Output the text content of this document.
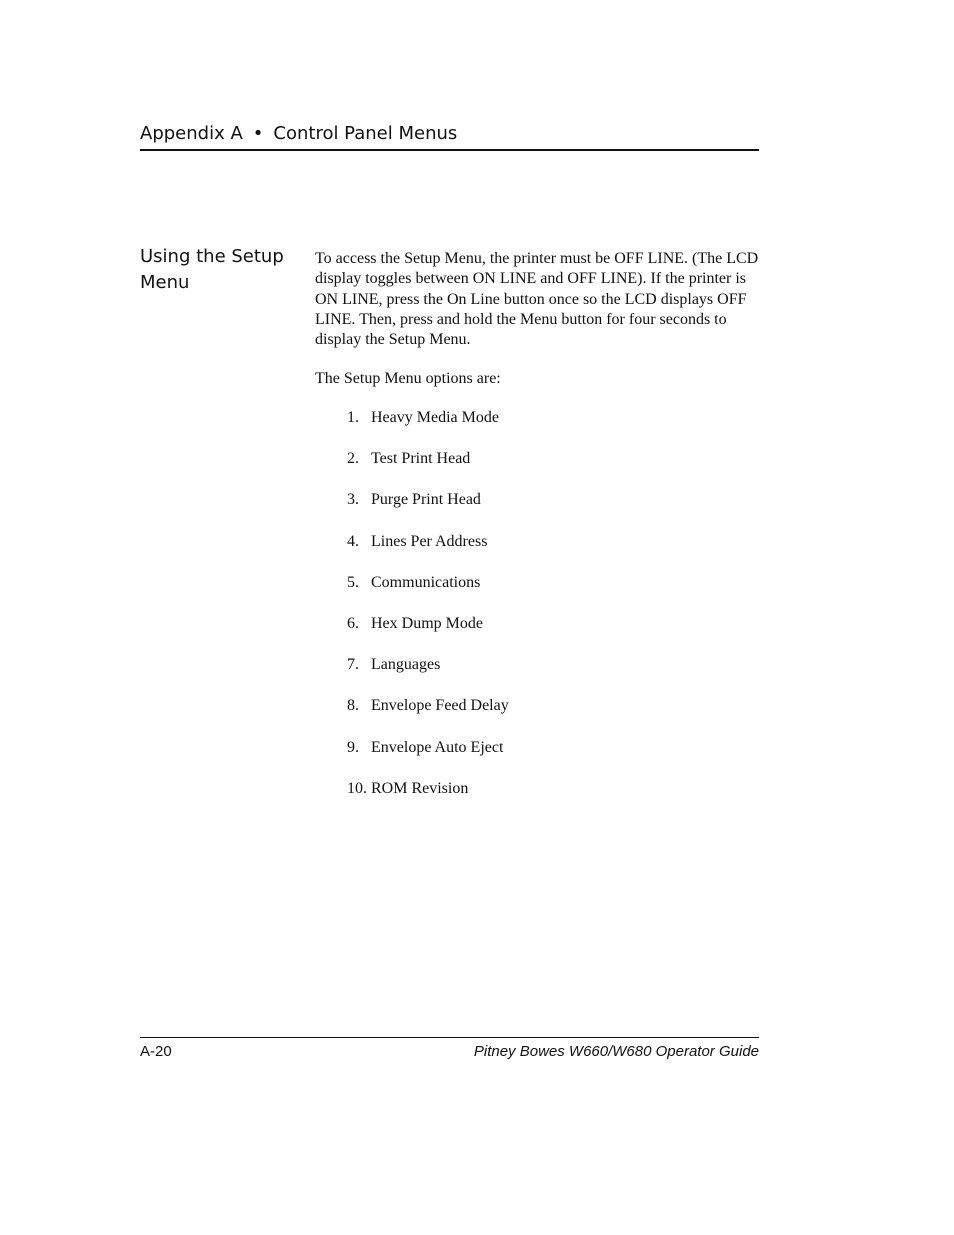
Appendix A • Control Panel Menus
Using the Setup Menu

To access the Setup Menu, the printer must be OFF LINE. (The LCD display toggles between ON LINE and OFF LINE). If the printer is ON LINE, press the On Line button once so the LCD displays OFF LINE. Then, press and hold the Menu button for four seconds to display the Setup Menu.

The Setup Menu options are:
1. Heavy Media Mode
2. Test Print Head
3. Purge Print Head
4. Lines Per Address
5. Communications
6. Hex Dump Mode
7. Languages
8. Envelope Feed Delay
9. Envelope Auto Eject
10. ROM Revision
A-20	Pitney Bowes W660/W680 Operator Guide
